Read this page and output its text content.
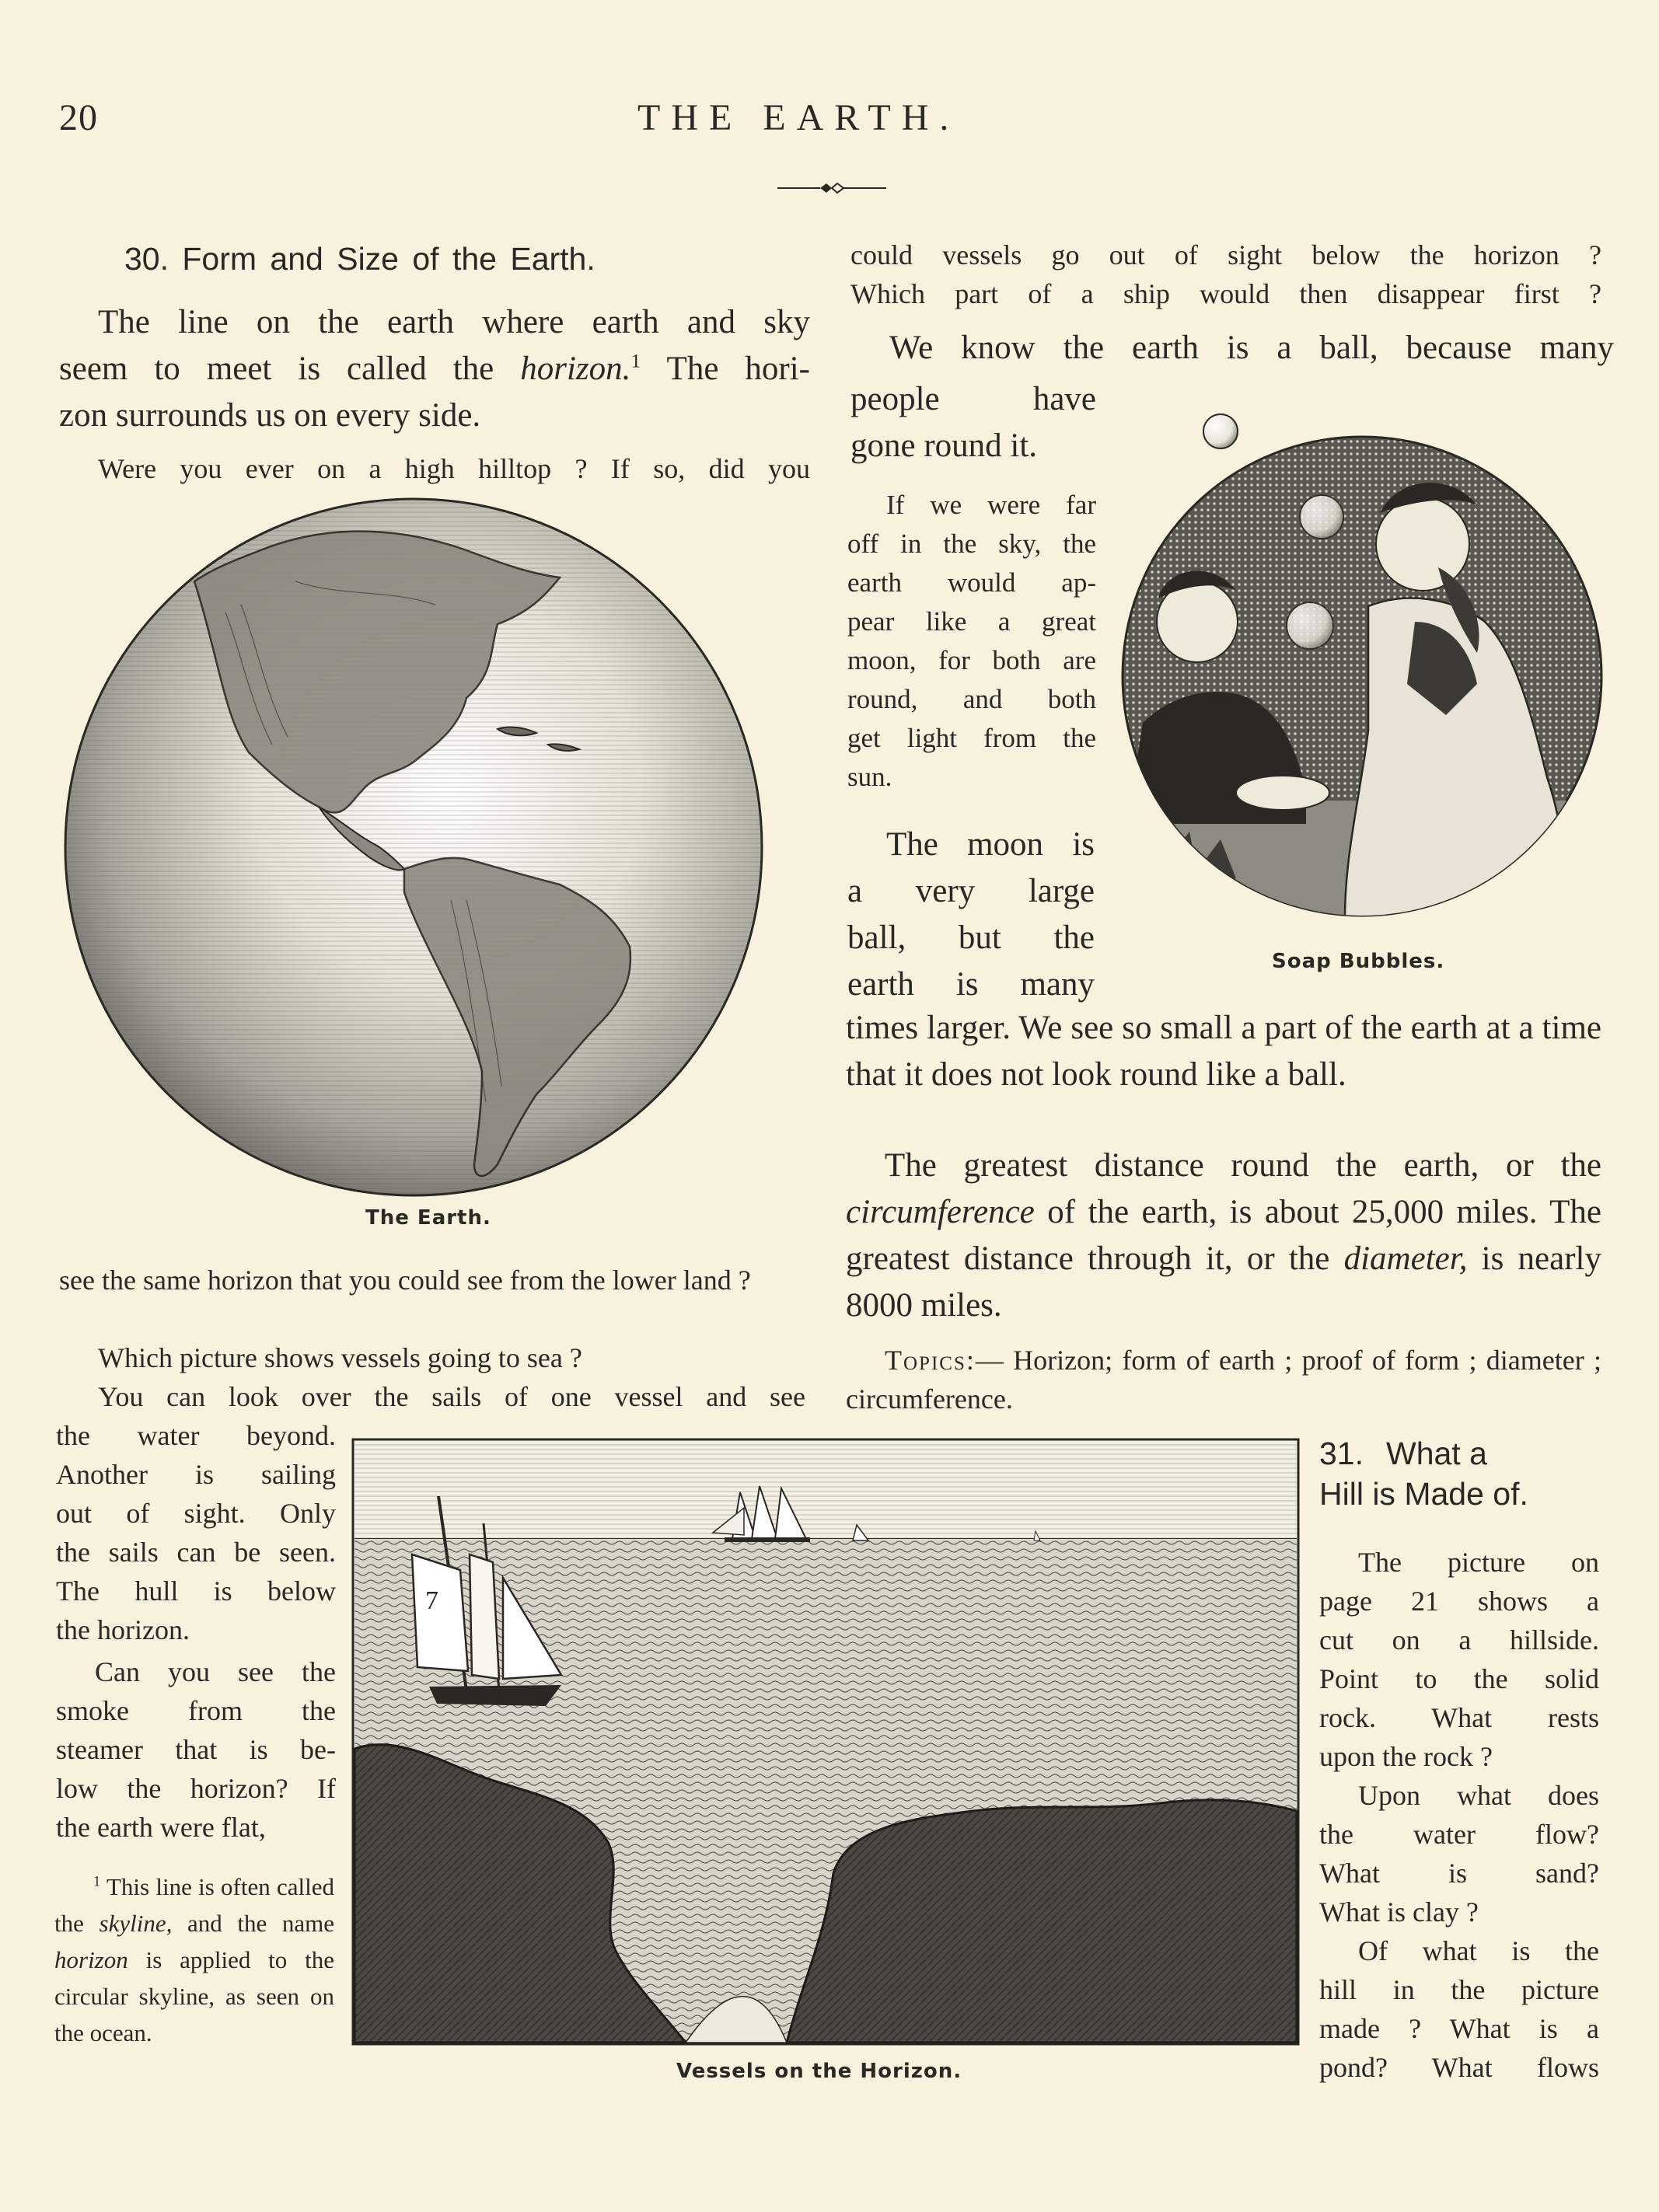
20	THE EARTH.
30. Form and Size of the Earth.
The line on the earth where earth and sky
seem to meet is called the horizon.$^1$ The hori-
zon surrounds us on every side.
Were you ever on a high hilltop ? If so, did you
The Earth.
see the same horizon that you could see from the lower land ?
Which picture shows vessels going to sea ?
You can look over the sails of one vessel and see
the water beyond.
Another is sailing
out of sight. Only
the sails can be seen.
The hull is below
the horizon.
Can you see the
smoke from the
steamer that is be-
low the horizon? If
the earth were flat,
$^1$ This line is often called the skyline, and the name horizon is applied to the circular skyline, as seen on the ocean.
7
Vessels on the Horizon.
could vessels go out of sight below the horizon ?
Which part of a ship would then disappear first ?
We know the earth is a ball, because many
people have
gone round it.
If we were far
off in the sky, the
earth would ap-
pear like a great
moon, for both are
round, and both
get light from the
sun.
Soap Bubbles.
The moon is
a very large
ball, but the
earth is many
times larger. We see so small a part of the earth at a time that it does not look round like a ball.
The greatest distance round the earth, or the circumference of the earth, is about 25,000 miles. The greatest distance through it, or the diameter, is nearly 8000 miles.
Topics:— Horizon; form of earth ; proof of form ; diameter ; circumference.
31. What a
Hill is Made of.
The picture on
page 21 shows a
cut on a hillside.
Point to the solid
rock. What rests
upon the rock ?
Upon what does
the water flow?
What is sand?
What is clay ?
Of what is the
hill in the picture
made ? What is a
pond? What flows
